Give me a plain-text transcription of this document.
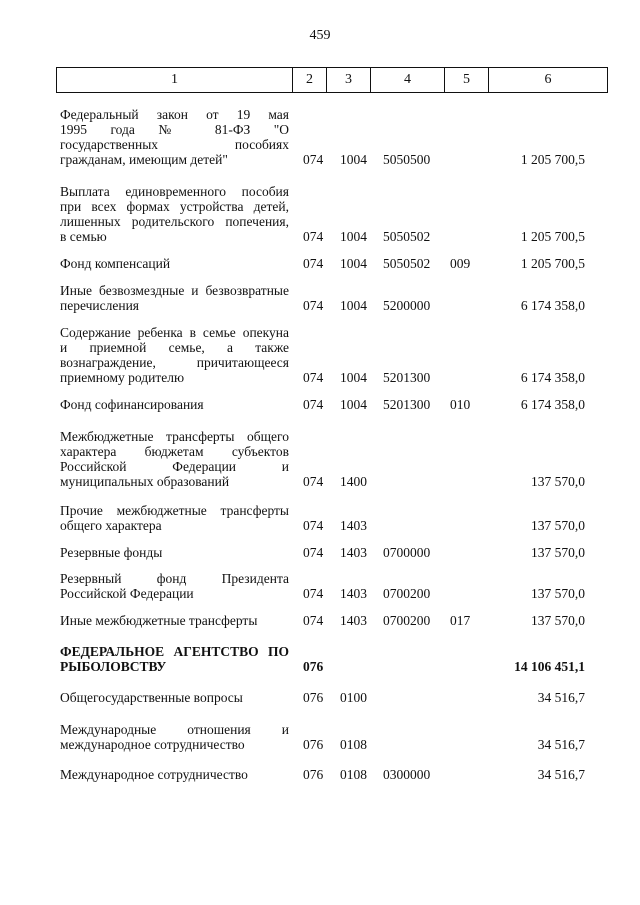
459
1	2	3	4	5	6
Федеральный закон от 19 мая
1995 года № 81-ФЗ "О
государственных пособиях
гражданам, имеющим детей"	074 1004 5050500	1 205 700,5
Выплата единовременного пособия
при всех формах устройства детей,
лишенных родительского попечения,
в семью	074 1004 5050502	1 205 700,5
Фонд компенсаций	074 1004 5050502 009	1 205 700,5
Иные безвозмездные и безвозвратные
перечисления	074 1004 5200000	6 174 358,0
Содержание ребенка в семье опекуна
и приемной семье, а также
вознаграждение, причитающееся
приемному родителю	074 1004 5201300	6 174 358,0
Фонд софинансирования	074 1004 5201300 010	6 174 358,0
Межбюджетные трансферты общего
характера бюджетам субъектов
Российской Федерации и
муниципальных образований	074 1400	137 570,0
Прочие межбюджетные трансферты
общего характера	074 1403	137 570,0
Резервные фонды	074 1403 0700000	137 570,0
Резервный фонд Президента
Российской Федерации	074 1403 0700200	137 570,0
Иные межбюджетные трансферты	074 1403 0700200 017	137 570,0
ФЕДЕРАЛЬНОЕ АГЕНТСТВО ПО
РЫБОЛОВСТВУ	076	14 106 451,1
Общегосударственные вопросы	076 0100	34 516,7
Международные отношения и
международное сотрудничество	076 0108	34 516,7
Международное сотрудничество	076 0108 0300000	34 516,7
